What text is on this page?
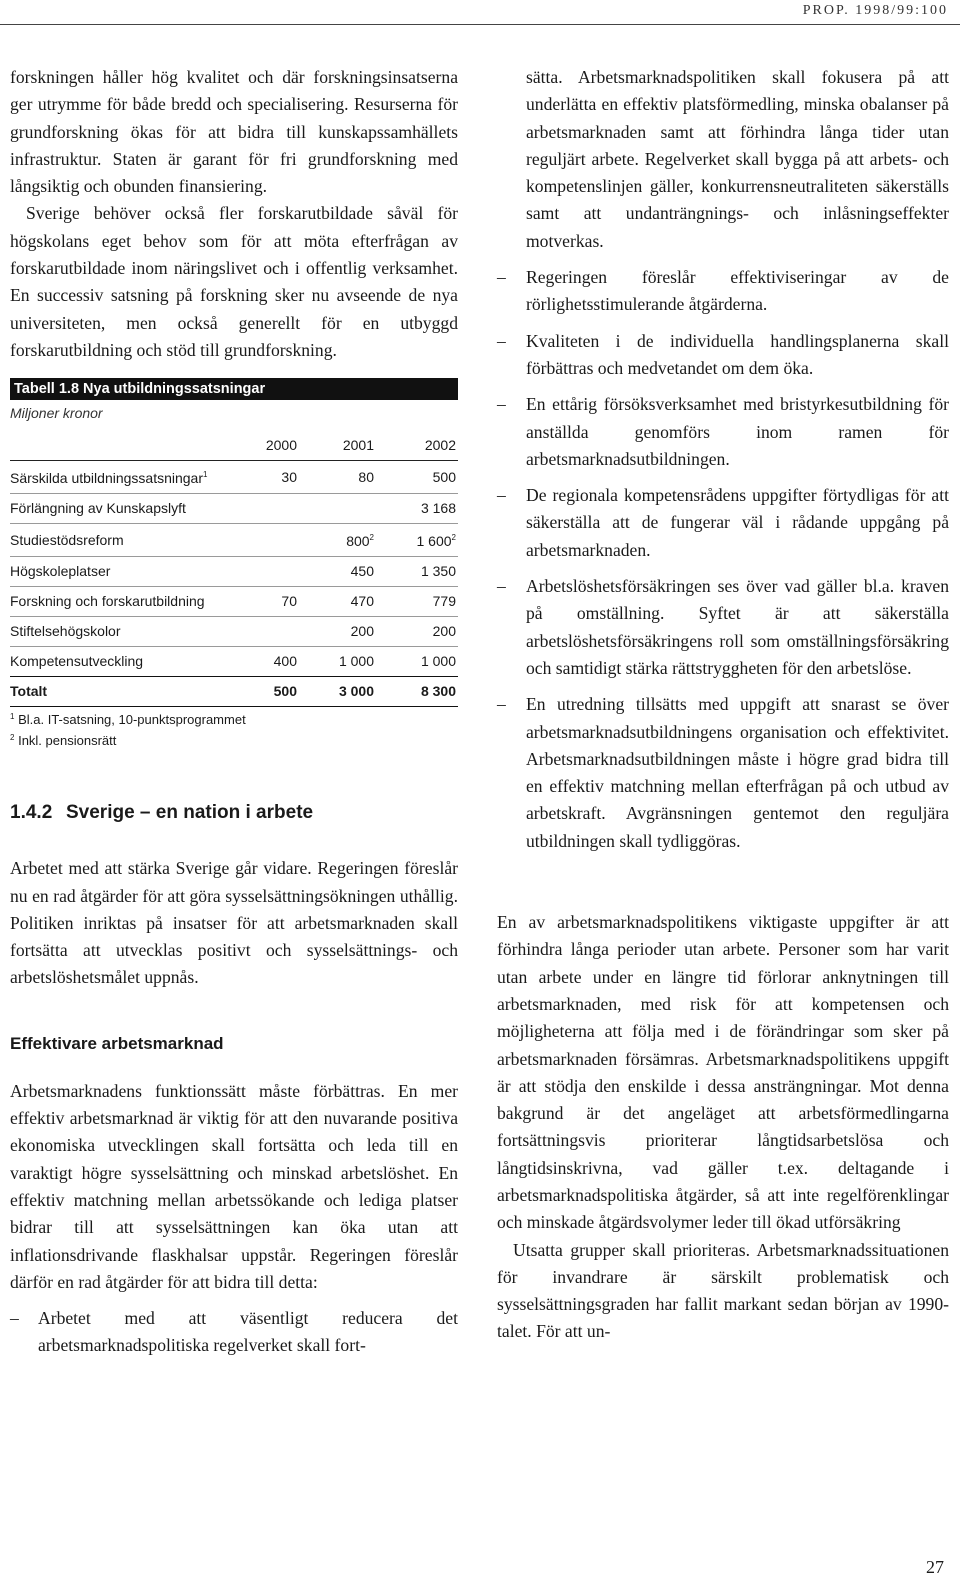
PROP. 1998/99:100

forskningen håller hög kvalitet och där forskningsinsatserna ger utrymme för både bredd och specialisering. Resurserna för grundforskning ökas för att bidra till kunskapssamhällets infrastruktur. Staten är garant för fri grundforskning med långsiktig och obunden finansiering.

Sverige behöver också fler forskarutbildade såväl för högskolans eget behov som för att möta efterfrågan av forskarutbildade inom näringslivet och i offentlig verksamhet. En successiv satsning på forskning sker nu avseende de nya universiteten, men också generellt för en utbyggd forskarutbildning och stöd till grundforskning.

Tabell 1.8 Nya utbildningssatsningar
Miljoner kronor
	2000	2001	2002
Särskilda utbildningssatsningar$^1$	30	80	500
Förlängning av Kunskapslyft			3 168
Studiestödsreform		$800^2$	1 $600^2$
Högskoleplatser		450	1 350
Forskning och forskarutbildning	70	470	779
Stiftelsehögskolor		200	200
Kompetensutveckling	400	1 000	1 000
Totalt	500	3 000	8 300
$^1$ Bl.a. IT-satsning, 10-punktsprogrammet
$^2$ Inkl. pensionsrätt
1.4.2 Sverige – en nation i arbete

Arbetet med att stärka Sverige går vidare. Regeringen föreslår nu en rad åtgärder för att göra sysselsättningsökningen uthållig. Politiken inriktas på insatser för att arbetsmarknaden skall fortsätta att utvecklas positivt och sysselsättnings- och arbetslöshetsmålet uppnås.

Effektivare arbetsmarknad

Arbetsmarknadens funktionssätt måste förbättras. En mer effektiv arbetsmarknad är viktig för att den nuvarande positiva ekonomiska utvecklingen skall fortsätta och leda till en varaktigt högre sysselsättning och minskad arbetslöshet. En effektiv matchning mellan arbetssökande och lediga platser bidrar till att sysselsättningen kan öka utan att inflationsdrivande flaskhalsar uppstår. Regeringen föreslår därför en rad åtgärder för att bidra till detta:

– Arbetet med att väsentligt reducera det arbetsmarknadspolitiska regelverket skall fort-
sätta. Arbetsmarknadspolitiken skall fokusera på att underlätta en effektiv platsförmedling, minska obalanser på arbetsmarknaden samt att förhindra långa tider utan reguljärt arbete. Regelverket skall bygga på att arbets- och kompetenslinjen gäller, konkurrensneutraliteten säkerställs samt att undanträngnings- och inlåsningseffekter motverkas.
– Regeringen föreslår effektiviseringar av de rörlighetsstimulerande åtgärderna.
– Kvaliteten i de individuella handlingsplanerna skall förbättras och medvetandet om dem öka.
– En ettårig försöksverksamhet med bristyrkesutbildning för anställda genomförs inom ramen för arbetsmarknadsutbildningen.
– De regionala kompetensrådens uppgifter förtydligas för att säkerställa att de fungerar väl i rådande uppgång på arbetsmarknaden.
– Arbetslöshetsförsäkringen ses över vad gäller bl.a. kraven på omställning. Syftet är att säkerställa arbetslöshetsförsäkringens roll som omställningsförsäkring och samtidigt stärka rättstryggheten för den arbetslöse.
– En utredning tillsätts med uppgift att snarast se över arbetsmarknadsutbildningens organisation och effektivitet. Arbetsmarknadsutbildningen måste i högre grad bidra till en effektiv matchning mellan efterfrågan på och utbud av arbetskraft. Avgränsningen gentemot den reguljära utbildningen skall tydliggöras.

En av arbetsmarknadspolitikens viktigaste uppgifter är att förhindra långa perioder utan arbete. Personer som har varit utan arbete under en längre tid förlorar anknytningen till arbetsmarknaden, med risk för att kompetensen och möjligheterna att följa med i de förändringar som sker på arbetsmarknaden försämras. Arbetsmarknadspolitikens uppgift är att stödja den enskilde i dessa ansträngningar. Mot denna bakgrund är det angeläget att arbetsförmedlingarna fortsättningsvis prioriterar långtidsarbetslösa och långtidsinskrivna, vad gäller t.ex. deltagande i arbetsmarknadspolitiska åtgärder, så att inte regelförenklingar och minskade åtgärdsvolymer leder till ökad utförsäkring

Utsatta grupper skall prioriteras. Arbetsmarknadssituationen för invandrare är särskilt problematisk och sysselsättningsgraden har fallit markant sedan början av 1990-talet. För att un-

27
